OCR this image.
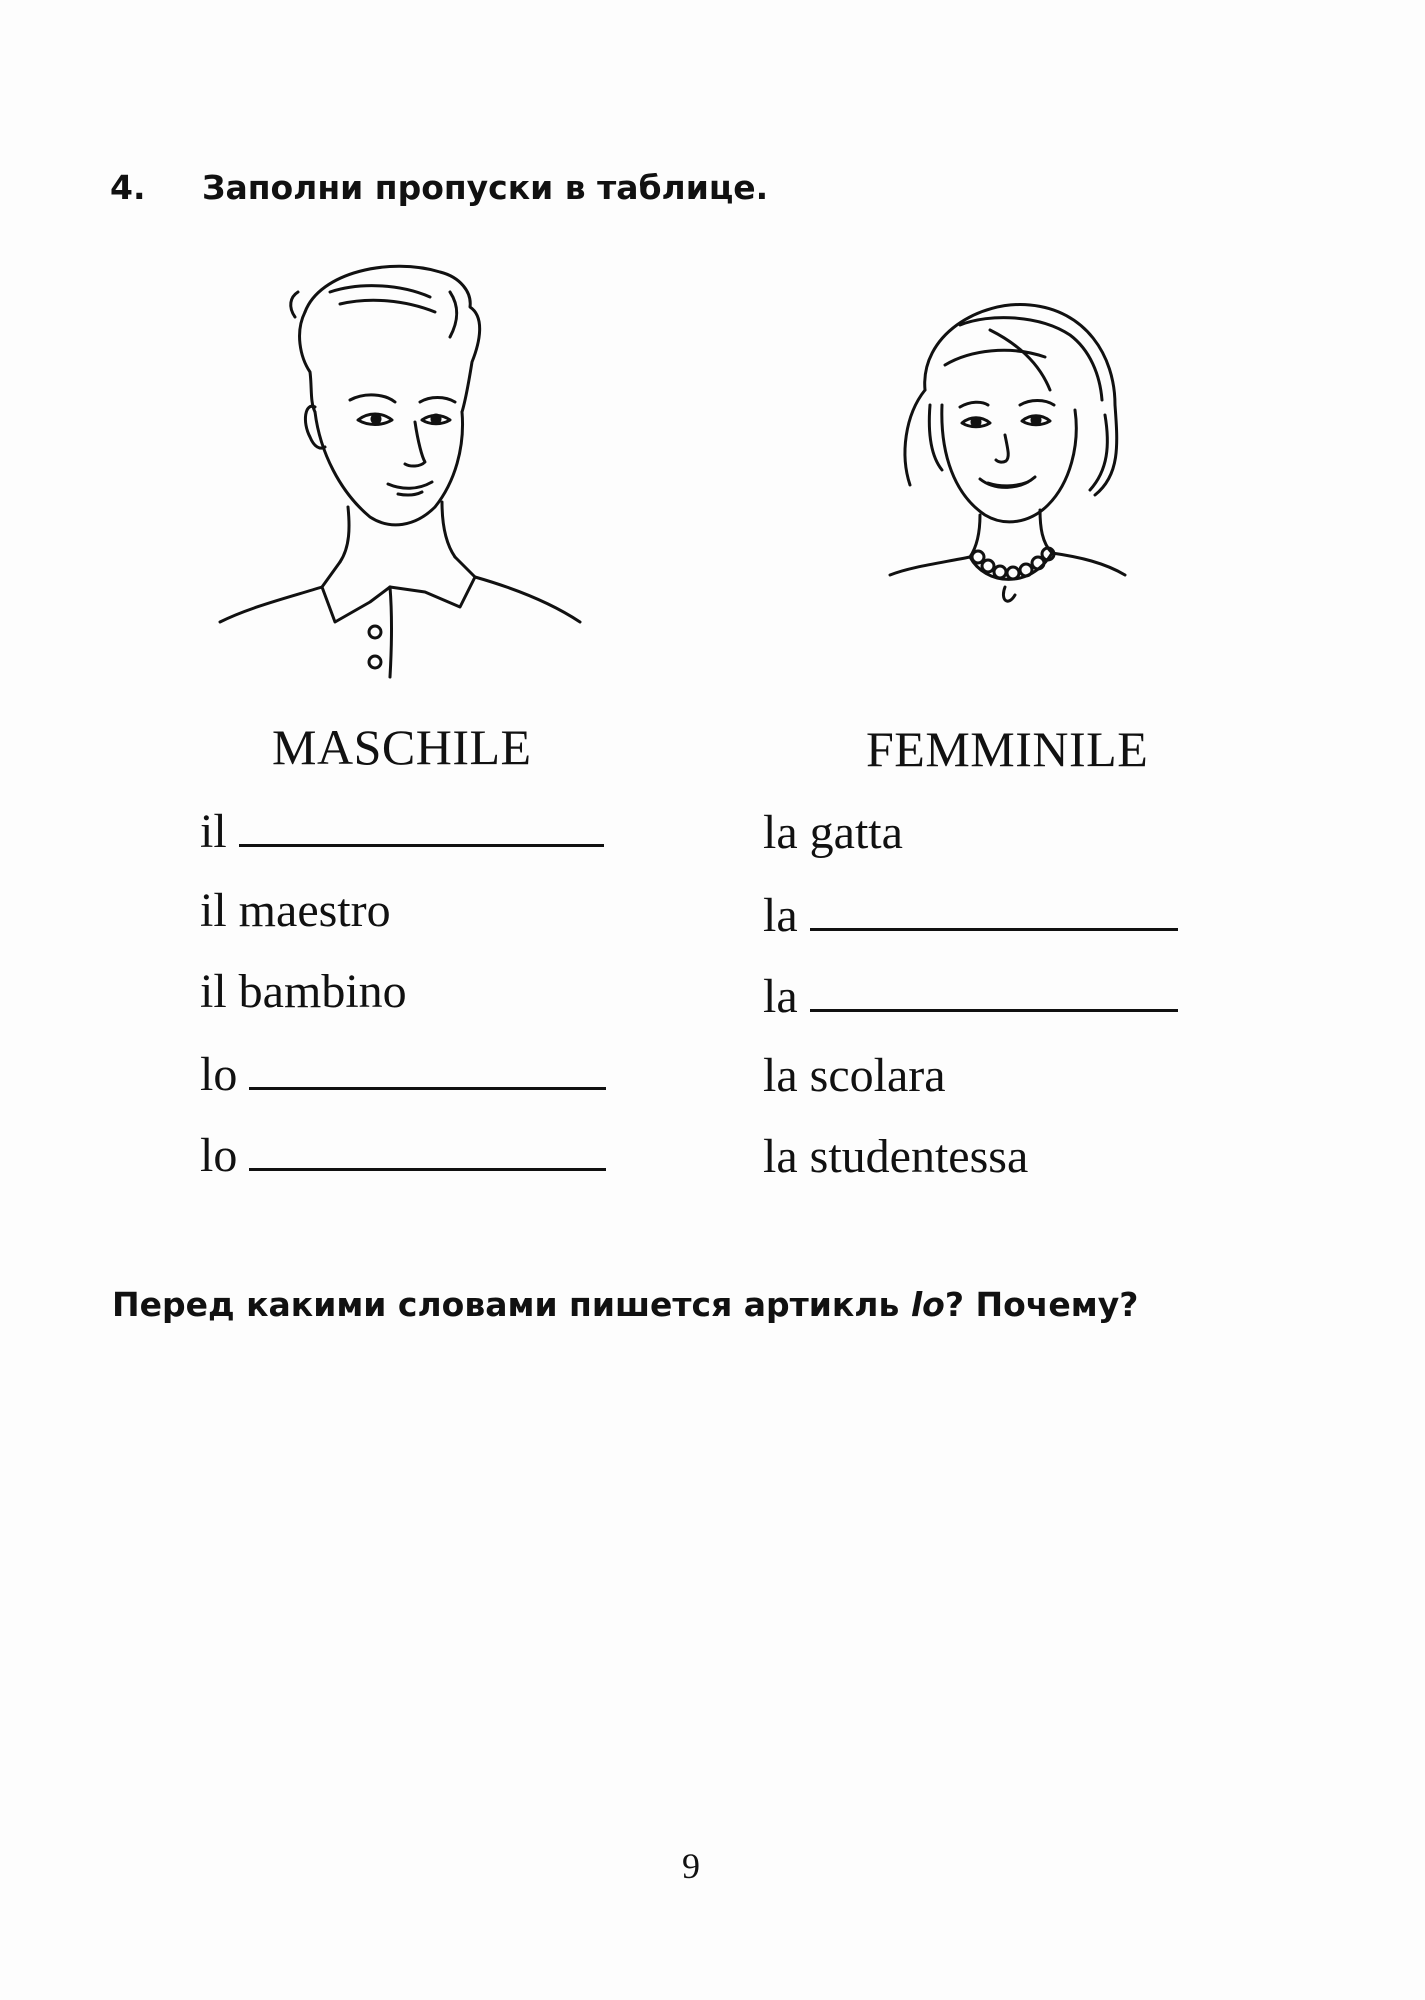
4. Заполни пропуски в таблице.
MASCHILE	FEMMINILE
il
il
maestro
il
bambino
lo
lo
la
gatta
la
la
la
scolara
la
studentessa
Перед какими словами пишется артикль lo? Почему?
9
